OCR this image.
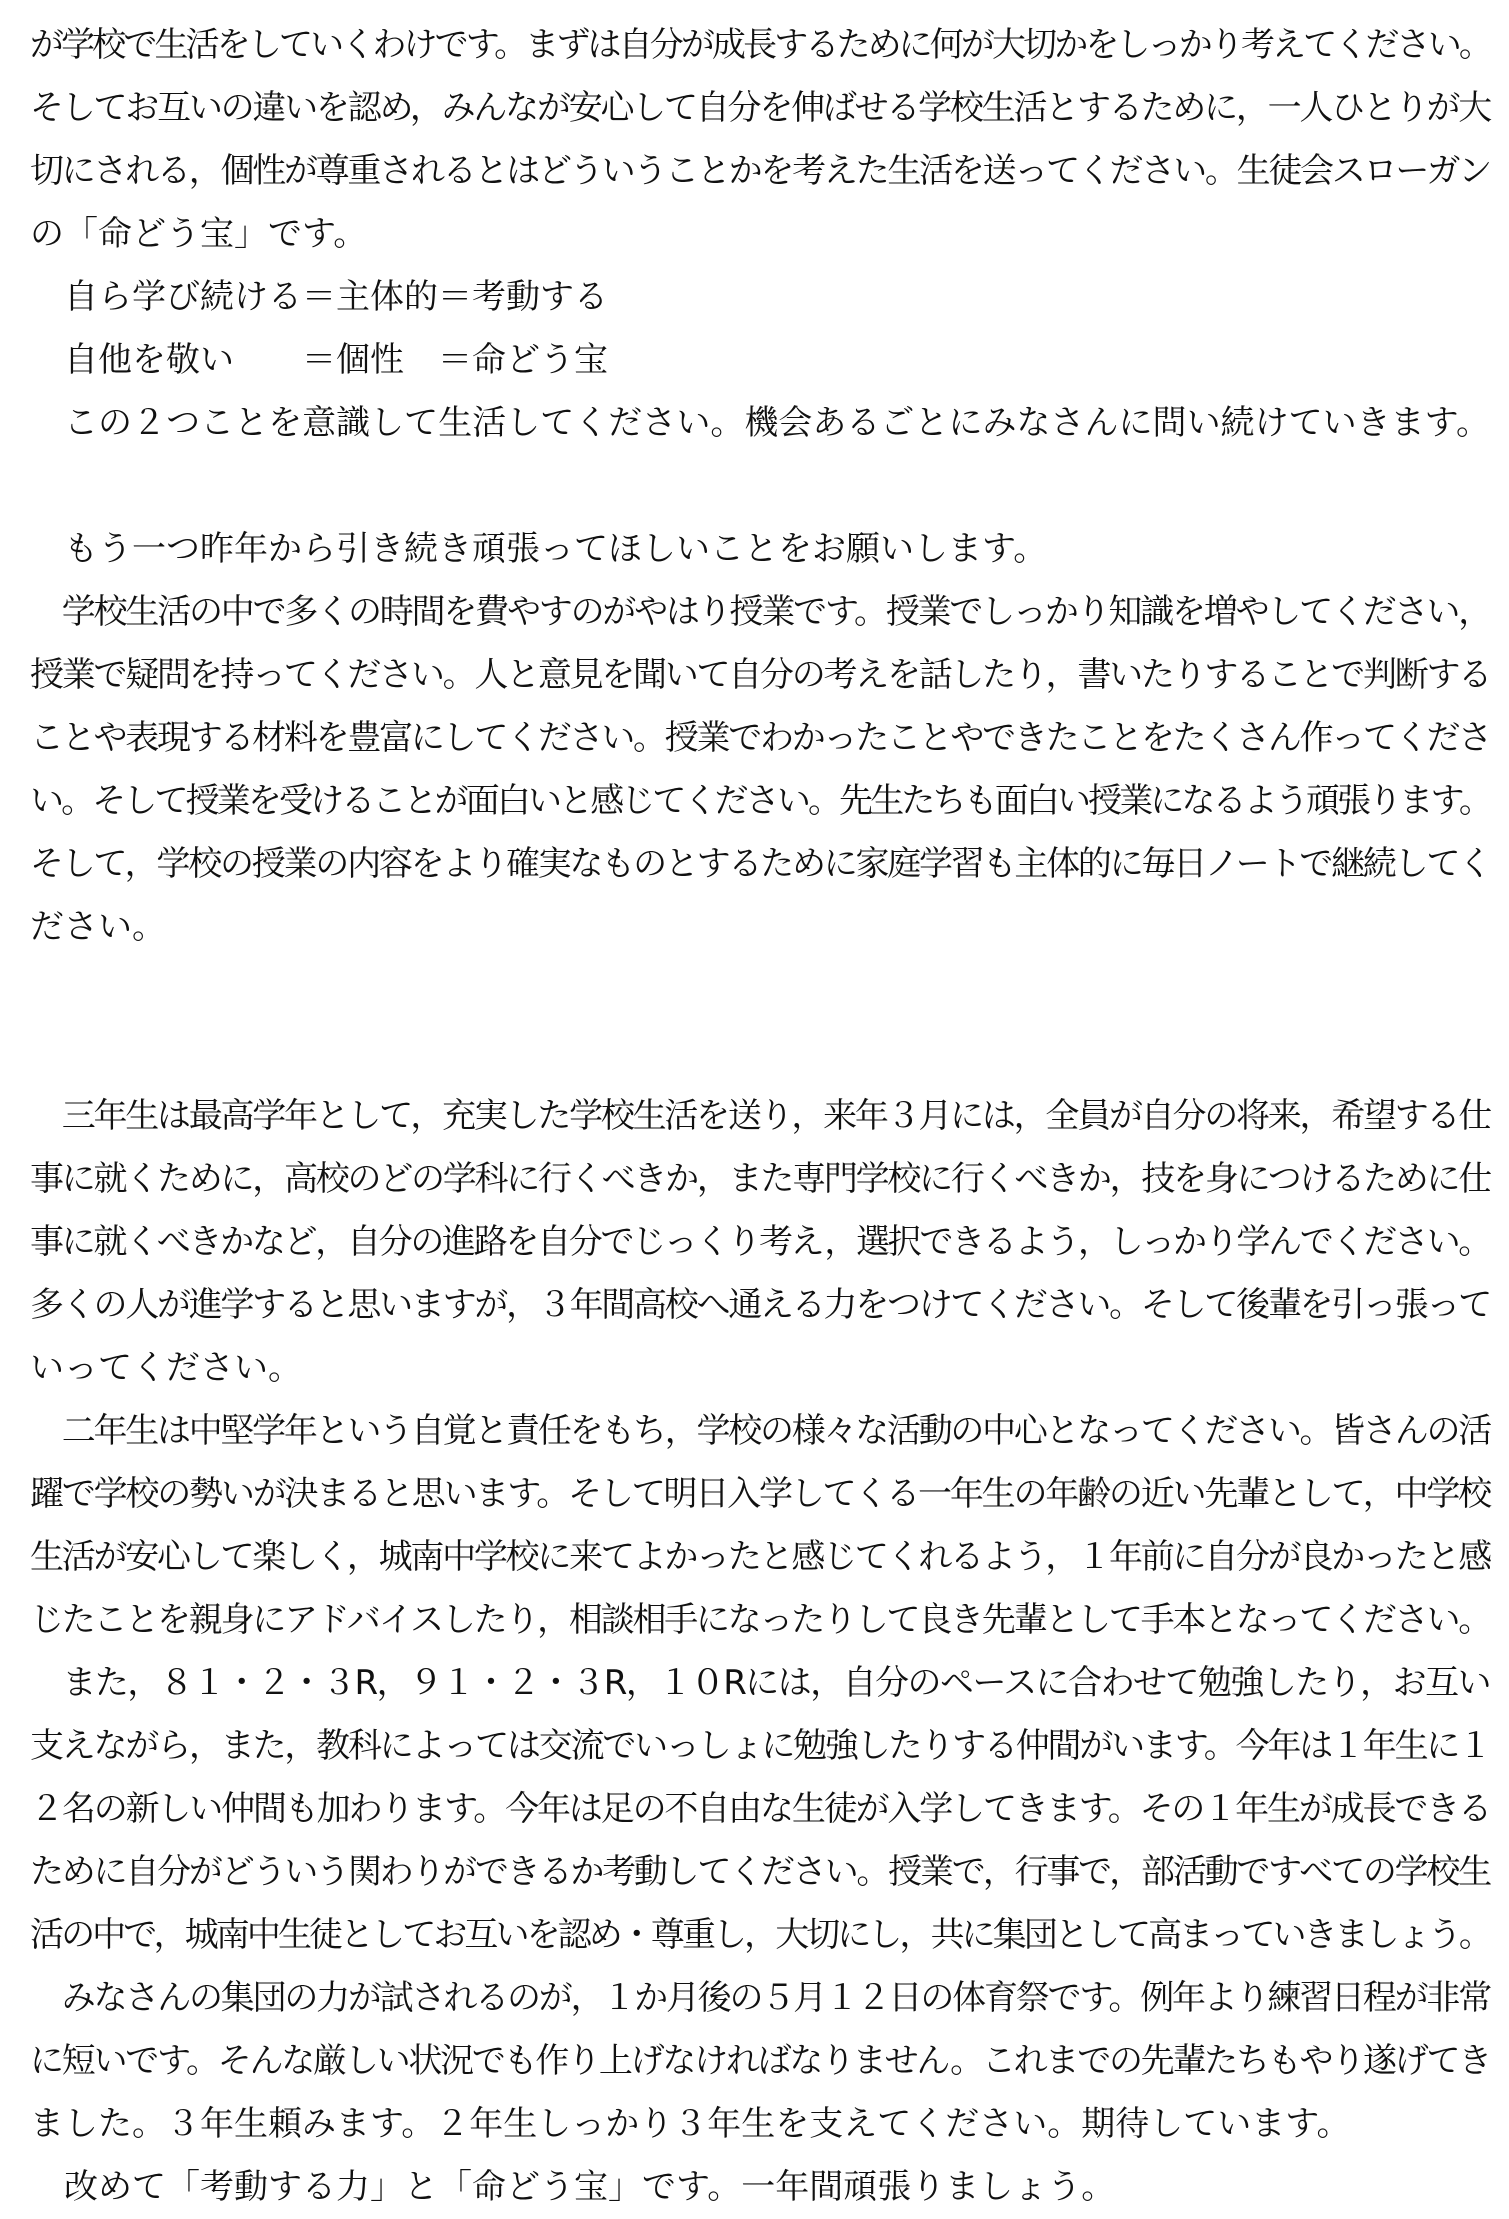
が学校で生活をしていくわけです。まずは自分が成長するために何が大切かをしっかり考えてください。
そしてお互いの違いを認め，みんなが安心して自分を伸ばせる学校生活とするために，一人ひとりが大
切にされる，個性が尊重されるとはどういうことかを考えた生活を送ってください。生徒会スローガン
の「命どう宝」です。
　自ら学び続ける＝主体的＝考動する
　自他を敬い　　＝個性　＝命どう宝
　この２つことを意識して生活してください。機会あるごとにみなさんに問い続けていきます。
　もう一つ昨年から引き続き頑張ってほしいことをお願いします。
　学校生活の中で多くの時間を費やすのがやはり授業です。授業でしっかり知識を増やしてください，
授業で疑問を持ってください。人と意見を聞いて自分の考えを話したり，書いたりすることで判断する
ことや表現する材料を豊富にしてください。授業でわかったことやできたことをたくさん作ってくださ
い。そして授業を受けることが面白いと感じてください。先生たちも面白い授業になるよう頑張ります。
そして，学校の授業の内容をより確実なものとするために家庭学習も主体的に毎日ノートで継続してく
ださい。
　三年生は最高学年として，充実した学校生活を送り，来年３月には，全員が自分の将来，希望する仕
事に就くために，高校のどの学科に行くべきか，また専門学校に行くべきか，技を身につけるために仕
事に就くべきかなど，自分の進路を自分でじっくり考え，選択できるよう，しっかり学んでください。
多くの人が進学すると思いますが，３年間高校へ通える力をつけてください。そして後輩を引っ張って
いってください。
　二年生は中堅学年という自覚と責任をもち，学校の様々な活動の中心となってください。皆さんの活
躍で学校の勢いが決まると思います。そして明日入学してくる一年生の年齢の近い先輩として，中学校
生活が安心して楽しく，城南中学校に来てよかったと感じてくれるよう，１年前に自分が良かったと感
じたことを親身にアドバイスしたり，相談相手になったりして良き先輩として手本となってください。
　また，８１・２・３R，９１・２・３R，１０Rには，自分のペースに合わせて勉強したり，お互い
支えながら，また，教科によっては交流でいっしょに勉強したりする仲間がいます。今年は１年生に１
２名の新しい仲間も加わります。今年は足の不自由な生徒が入学してきます。その１年生が成長できる
ために自分がどういう関わりができるか考動してください。授業で，行事で，部活動ですべての学校生
活の中で，城南中生徒としてお互いを認め・尊重し，大切にし，共に集団として高まっていきましょう。
　みなさんの集団の力が試されるのが，１か月後の５月１２日の体育祭です。例年より練習日程が非常
に短いです。そんな厳しい状況でも作り上げなければなりません。これまでの先輩たちもやり遂げてき
ました。３年生頼みます。２年生しっかり３年生を支えてください。期待しています。
　改めて「考動する力」と「命どう宝」です。一年間頑張りましょう。
